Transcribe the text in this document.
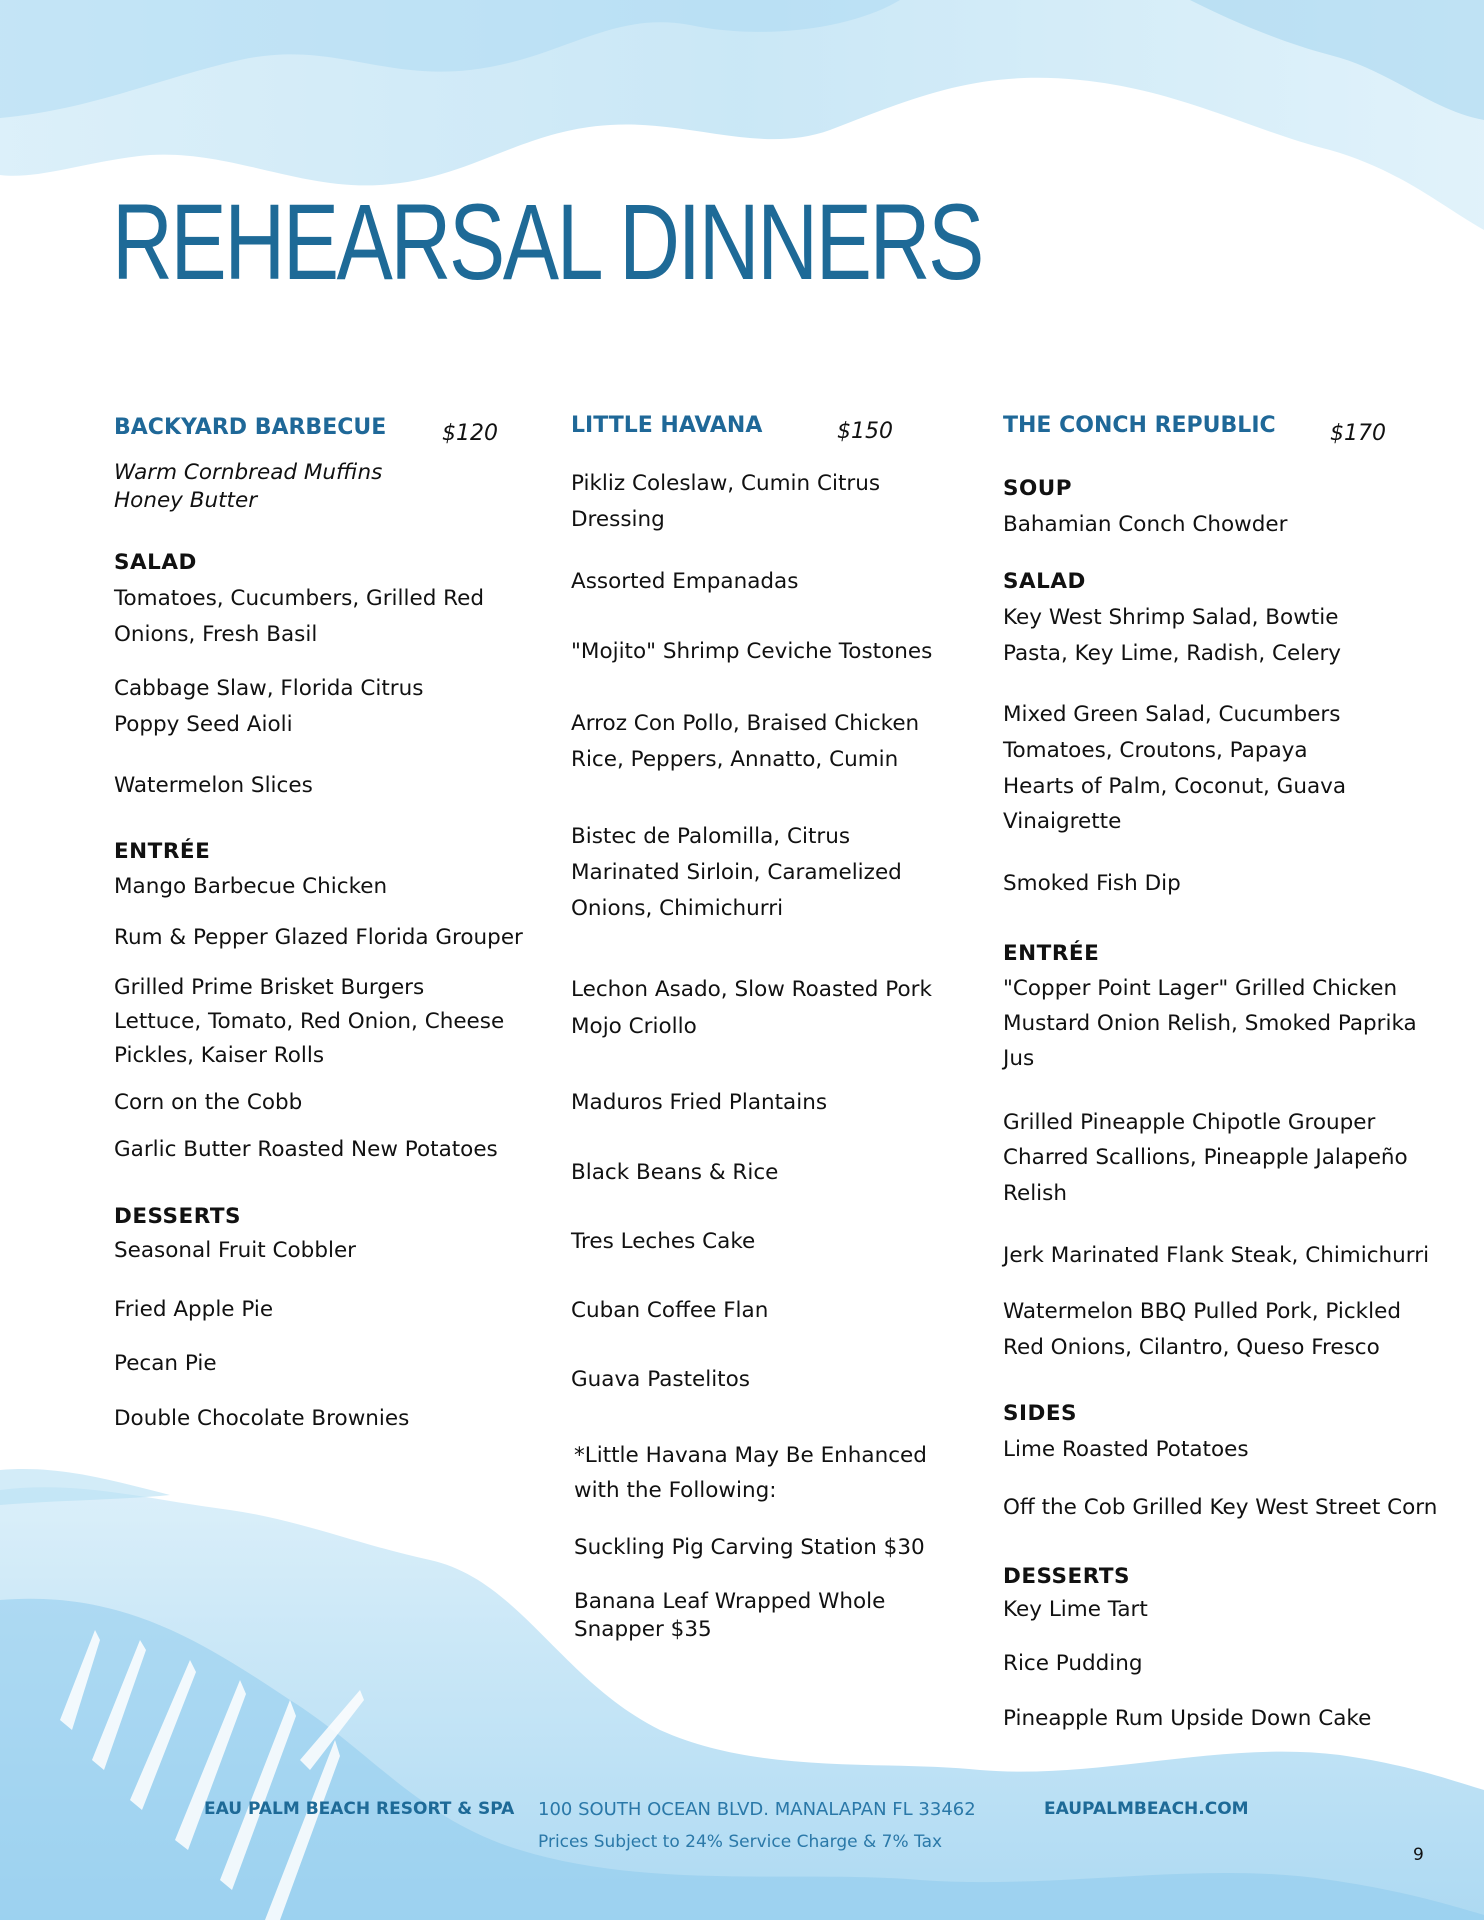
REHEARSAL DINNERS
BACKYARD BARBECUE	$120
Warm Cornbread Muffins
Honey Butter
SALAD
Tomatoes, Cucumbers, Grilled Red
Onions, Fresh Basil
Cabbage Slaw, Florida Citrus
Poppy Seed Aioli
Watermelon Slices
ENTRÉE
Mango Barbecue Chicken
Rum & Pepper Glazed Florida Grouper
Grilled Prime Brisket Burgers
Lettuce, Tomato, Red Onion, Cheese
Pickles, Kaiser Rolls
Corn on the Cobb
Garlic Butter Roasted New Potatoes
DESSERTS
Seasonal Fruit Cobbler
Fried Apple Pie
Pecan Pie
Double Chocolate Brownies
LITTLE HAVANA	$150
Pikliz Coleslaw, Cumin Citrus
Dressing
Assorted Empanadas
"Mojito" Shrimp Ceviche Tostones
Arroz Con Pollo, Braised Chicken
Rice, Peppers, Annatto, Cumin
Bistec de Palomilla, Citrus
Marinated Sirloin, Caramelized
Onions, Chimichurri
Lechon Asado, Slow Roasted Pork
Mojo Criollo
Maduros Fried Plantains
Black Beans & Rice
Tres Leches Cake
Cuban Coffee Flan
Guava Pastelitos
*Little Havana May Be Enhanced
with the Following:
Suckling Pig Carving Station $30
Banana Leaf Wrapped Whole
Snapper $35
THE CONCH REPUBLIC $170
SOUP
Bahamian Conch Chowder
SALAD
Key West Shrimp Salad, Bowtie
Pasta, Key Lime, Radish, Celery
Mixed Green Salad, Cucumbers
Tomatoes, Croutons, Papaya
Hearts of Palm, Coconut, Guava
Vinaigrette
Smoked Fish Dip
ENTRÉE
"Copper Point Lager" Grilled Chicken
Mustard Onion Relish, Smoked Paprika
Jus
Grilled Pineapple Chipotle Grouper
Charred Scallions, Pineapple Jalapeño
Relish
Jerk Marinated Flank Steak, Chimichurri
Watermelon BBQ Pulled Pork, Pickled
Red Onions, Cilantro, Queso Fresco
SIDES
Lime Roasted Potatoes
Off the Cob Grilled Key West Street Corn
DESSERTS
Key Lime Tart
Rice Pudding
Pineapple Rum Upside Down Cake
EAU PALM BEACH RESORT & SPA 100 SOUTH OCEAN BLVD. MANALAPAN FL 33462	EAUPALMBEACH.COM
Prices Subject to 24% Service Charge & 7% Tax
9
